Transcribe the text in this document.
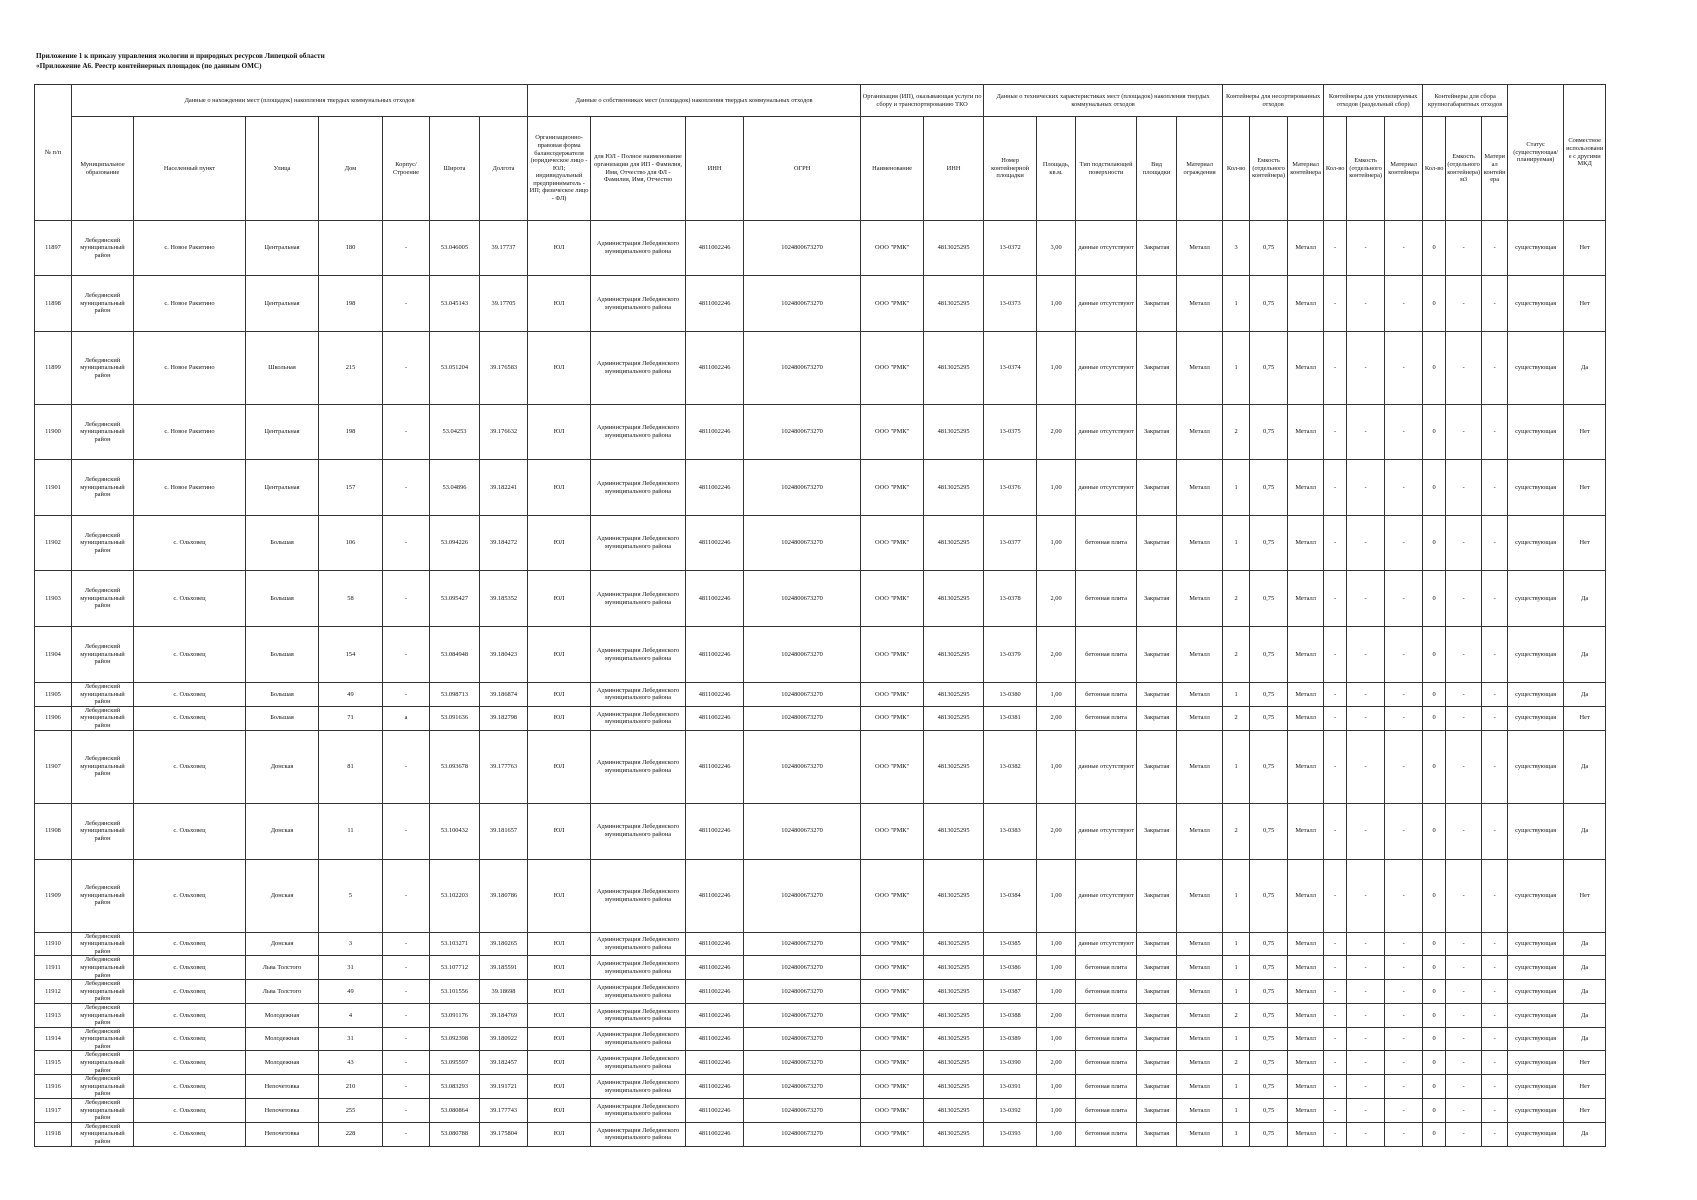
Приложение 1 к приказу управления экологии и природных ресурсов Липецкой области
«Приложение А6. Реестр контейнерных площадок (по данным ОМС)
№ п/п	Данные о нахождении мест (площадок) накопления твердых коммунальных отходов							Данные о собственниках мест (площадок) накопления твердых коммунальных отходов				Организация (ИП), оказывающая услуги по сбору и транспортированию ТКО		Данные о технических характеристиках мест (площадок) накопления твердых коммунальных отходов					Контейнеры для несортированных отходов			Контейнеры для утилизируемых отходов (раздельный сбор)			Контейнеры для сбора крупногабаритных отходов			Статус (существующая/ планируемая)	Совместное использование с другими МКД
	Муниципальное образование	Населенный пункт	Улица	Дом	Корпус/Строение	Широта	Долгота	Организационно-правовая форма балансодержателя (юридическое лицо - ЮЛ; индивидуальный предприниматель - ИП; физическое лицо - ФЛ)	для ЮЛ - Полное наименование организации для ИП - Фамилия, Имя, Отчество для ФЛ - Фамилия, Имя, Отчество	ИНН	ОГРН	Наименование	ИНН	Номер контейнерной площадки	Площадь, кв.м.	Тип подстилающей поверхности	Вид площадки	Материал ограждения	Кол-во	Емкость (отдельного контейнера)	Материал контейнера	Кол-во	Емкость (отдельного контейнера)	Материал контейнера	Кол-во	Емкость (отдельного контейнера) м3	Материал контейнера		
11897	Лебедянский муниципальный район	с. Новое Ракитино	Центральная	180	-	53.046005	39.17737	ЮЛ	Администрация Лебедянского муниципального района	4811002246	1024800673270	ООО "РМК"	4813025295	13-0372	3,00	данные отсутствуют	Закрытая	Металл	3	0,75	Металл	-	-	-	0	-	-	существующая	Нет
11898	Лебедянский муниципальный район	с. Новое Ракитино	Центральная	198	-	53.045143	39.17705	ЮЛ	Администрация Лебедянского муниципального района	4811002246	1024800673270	ООО "РМК"	4813025295	13-0373	1,00	данные отсутствуют	Закрытая	Металл	1	0,75	Металл	-	-	-	0	-	-	существующая	Нет
11899	Лебедянский муниципальный район	с. Новое Ракитино	Школьная	215	-	53.051204	39.176583	ЮЛ	Администрация Лебедянского муниципального района	4811002246	1024800673270	ООО "РМК"	4813025295	13-0374	1,00	данные отсутствуют	Закрытая	Металл	1	0,75	Металл	-	-	-	0	-	-	существующая	Да
11900	Лебедянский муниципальный район	с. Новое Ракитино	Центральная	198	-	53.04253	39.176632	ЮЛ	Администрация Лебедянского муниципального района	4811002246	1024800673270	ООО "РМК"	4813025295	13-0375	2,00	данные отсутствуют	Закрытая	Металл	2	0,75	Металл	-	-	-	0	-	-	существующая	Нет
11901	Лебедянский муниципальный район	с. Новое Ракитино	Центральная	157	-	53.04896	39.182241	ЮЛ	Администрация Лебедянского муниципального района	4811002246	1024800673270	ООО "РМК"	4813025295	13-0376	1,00	данные отсутствуют	Закрытая	Металл	1	0,75	Металл	-	-	-	0	-	-	существующая	Нет
11902	Лебедянский муниципальный район	с. Ольховец	Большая	106	-	53.094226	39.184272	ЮЛ	Администрация Лебедянского муниципального района	4811002246	1024800673270	ООО "РМК"	4813025295	13-0377	1,00	бетонная плита	Закрытая	Металл	1	0,75	Металл	-	-	-	0	-	-	существующая	Нет
11903	Лебедянский муниципальный район	с. Ольховец	Большая	58	-	53.095427	39.185352	ЮЛ	Администрация Лебедянского муниципального района	4811002246	1024800673270	ООО "РМК"	4813025295	13-0378	2,00	бетонная плита	Закрытая	Металл	2	0,75	Металл	-	-	-	0	-	-	существующая	Да
11904	Лебедянский муниципальный район	с. Ольховец	Большая	154	-	53.084948	39.180423	ЮЛ	Администрация Лебедянского муниципального района	4811002246	1024800673270	ООО "РМК"	4813025295	13-0379	2,00	бетонная плита	Закрытая	Металл	2	0,75	Металл	-	-	-	0	-	-	существующая	Да
11905	Лебедянский муниципальный район	с. Ольховец	Большая	49	-	53.098713	39.186874	ЮЛ	Администрация Лебедянского муниципального района	4811002246	1024800673270	ООО "РМК"	4813025295	13-0380	1,00	бетонная плита	Закрытая	Металл	1	0,75	Металл	-	-	-	0	-	-	существующая	Да
11906	Лебедянский муниципальный район	с. Ольховец	Большая	71	а	53.091636	39.182798	ЮЛ	Администрация Лебедянского муниципального района	4811002246	1024800673270	ООО "РМК"	4813025295	13-0381	2,00	бетонная плита	Закрытая	Металл	2	0,75	Металл	-	-	-	0	-	-	существующая	Нет
11907	Лебедянский муниципальный район	с. Ольховец	Донская	81	-	53.093678	39.177763	ЮЛ	Администрация Лебедянского муниципального района	4811002246	1024800673270	ООО "РМК"	4813025295	13-0382	1,00	данные отсутствуют	Закрытая	Металл	1	0,75	Металл	-	-	-	0	-	-	существующая	Да
11908	Лебедянский муниципальный район	с. Ольховец	Донская	11	-	53.100432	39.181657	ЮЛ	Администрация Лебедянского муниципального района	4811002246	1024800673270	ООО "РМК"	4813025295	13-0383	2,00	данные отсутствуют	Закрытая	Металл	2	0,75	Металл	-	-	-	0	-	-	существующая	Да
11909	Лебедянский муниципальный район	с. Ольховец	Донская	5	-	53.102203	39.180786	ЮЛ	Администрация Лебедянского муниципального района	4811002246	1024800673270	ООО "РМК"	4813025295	13-0384	1,00	данные отсутствуют	Закрытая	Металл	1	0,75	Металл	-	-	-	0	-	-	существующая	Нет
11910	Лебедянский муниципальный район	с. Ольховец	Донская	3	-	53.103271	39.180265	ЮЛ	Администрация Лебедянского муниципального района	4811002246	1024800673270	ООО "РМК"	4813025295	13-0385	1,00	данные отсутствуют	Закрытая	Металл	1	0,75	Металл	-	-	-	0	-	-	существующая	Да
11911	Лебедянский муниципальный район	с. Ольховец	Льва Толстого	31	-	53.107712	39.185591	ЮЛ	Администрация Лебедянского муниципального района	4811002246	1024800673270	ООО "РМК"	4813025295	13-0386	1,00	бетонная плита	Закрытая	Металл	1	0,75	Металл	-	-	-	0	-	-	существующая	Да
11912	Лебедянский муниципальный район	с. Ольховец	Льва Толстого	49	-	53.101556	39.18698	ЮЛ	Администрация Лебедянского муниципального района	4811002246	1024800673270	ООО "РМК"	4813025295	13-0387	1,00	бетонная плита	Закрытая	Металл	1	0,75	Металл	-	-	-	0	-	-	существующая	Да
11913	Лебедянский муниципальный район	с. Ольховец	Молодежная	4	-	53.091176	39.184769	ЮЛ	Администрация Лебедянского муниципального района	4811002246	1024800673270	ООО "РМК"	4813025295	13-0388	2,00	бетонная плита	Закрытая	Металл	2	0,75	Металл	-	-	-	0	-	-	существующая	Да
11914	Лебедянский муниципальный район	с. Ольховец	Молодежная	31	-	53.092398	39.180922	ЮЛ	Администрация Лебедянского муниципального района	4811002246	1024800673270	ООО "РМК"	4813025295	13-0389	1,00	бетонная плита	Закрытая	Металл	1	0,75	Металл	-	-	-	0	-	-	существующая	Да
11915	Лебедянский муниципальный район	с. Ольховец	Молодежная	43	-	53.095597	39.182457	ЮЛ	Администрация Лебедянского муниципального района	4811002246	1024800673270	ООО "РМК"	4813025295	13-0390	2,00	бетонная плита	Закрытая	Металл	2	0,75	Металл	-	-	-	0	-	-	существующая	Нет
11916	Лебедянский муниципальный район	с. Ольховец	Непочетовка	210	-	53.083293	39.191721	ЮЛ	Администрация Лебедянского муниципального района	4811002246	1024800673270	ООО "РМК"	4813025295	13-0391	1,00	бетонная плита	Закрытая	Металл	1	0,75	Металл	-	-	-	0	-	-	существующая	Нет
11917	Лебедянский муниципальный район	с. Ольховец	Непочетовка	255	-	53.080864	39.177743	ЮЛ	Администрация Лебедянского муниципального района	4811002246	1024800673270	ООО "РМК"	4813025295	13-0392	1,00	бетонная плита	Закрытая	Металл	1	0,75	Металл	-	-	-	0	-	-	существующая	Нет
11918	Лебедянский муниципальный район	с. Ольховец	Непочетовка	228	-	53.080788	39.175804	ЮЛ	Администрация Лебедянского муниципального района	4811002246	1024800673270	ООО "РМК"	4813025295	13-0393	1,00	бетонная плита	Закрытая	Металл	1	0,75	Металл	-	-	-	0	-	-	существующая	Да
